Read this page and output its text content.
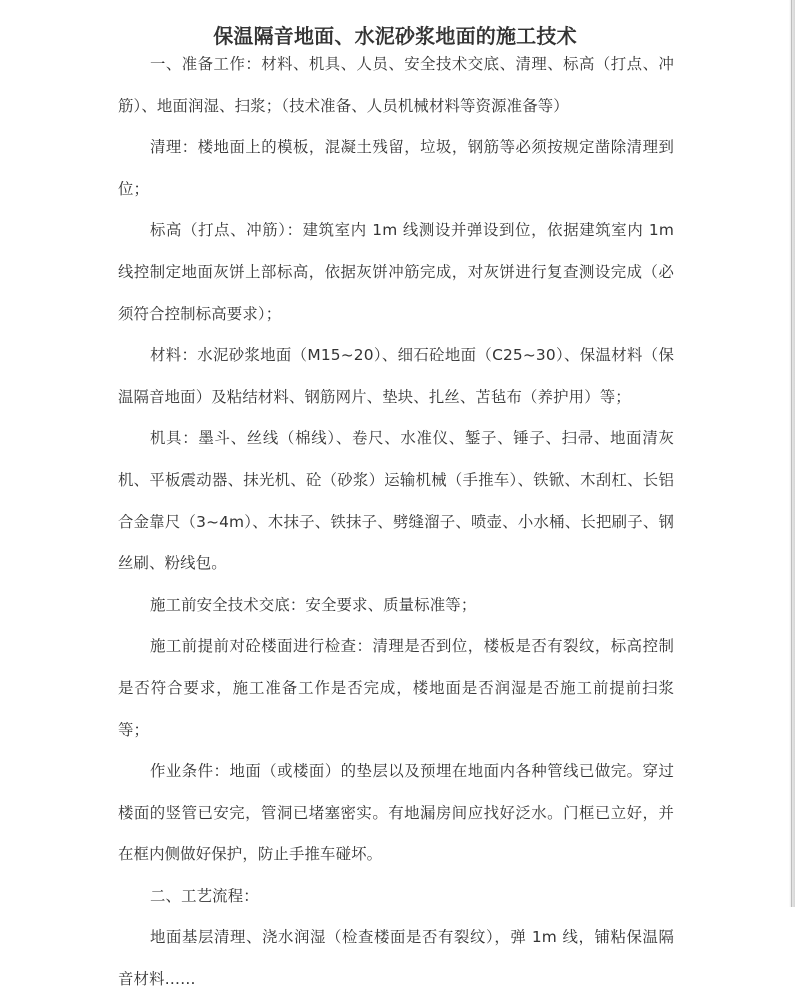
保温隔音地面、水泥砂浆地面的施工技术

一、准备工作：材料、机具、人员、安全技术交底、清理、标高（打点、冲筋）、地面润湿、扫浆；（技术准备、人员机械材料等资源准备等）

清理：楼地面上的模板，混凝土残留，垃圾，钢筋等必须按规定凿除清理到位；

标高（打点、冲筋）：建筑室内 1m 线测设并弹设到位，依据建筑室内 1m 线控制定地面灰饼上部标高，依据灰饼冲筋完成，对灰饼进行复查测设完成（必须符合控制标高要求）；

材料：水泥砂浆地面（M15~20）、细石砼地面（C25~30）、保温材料（保温隔音地面）及粘结材料、钢筋网片、垫块、扎丝、苫毡布（养护用）等；

机具：墨斗、丝线（棉线）、卷尺、水准仪、錾子、锤子、扫帚、地面清灰机、平板震动器、抹光机、砼（砂浆）运输机械（手推车）、铁锨、木刮杠、长铝合金靠尺（3~4m）、木抹子、铁抹子、劈缝溜子、喷壶、小水桶、长把刷子、钢丝刷、粉线包。

施工前安全技术交底：安全要求、质量标准等；

施工前提前对砼楼面进行检查：清理是否到位，楼板是否有裂纹，标高控制是否符合要求，施工准备工作是否完成，楼地面是否润湿是否施工前提前扫浆等；

作业条件：地面（或楼面）的垫层以及预埋在地面内各种管线已做完。穿过楼面的竖管已安完，管洞已堵塞密实。有地漏房间应找好泛水。门框已立好，并在框内侧做好保护，防止手推车碰坏。

二、工艺流程：

地面基层清理、浇水润湿（检查楼面是否有裂纹），弹 1m 线，铺粘保温隔音材料……
